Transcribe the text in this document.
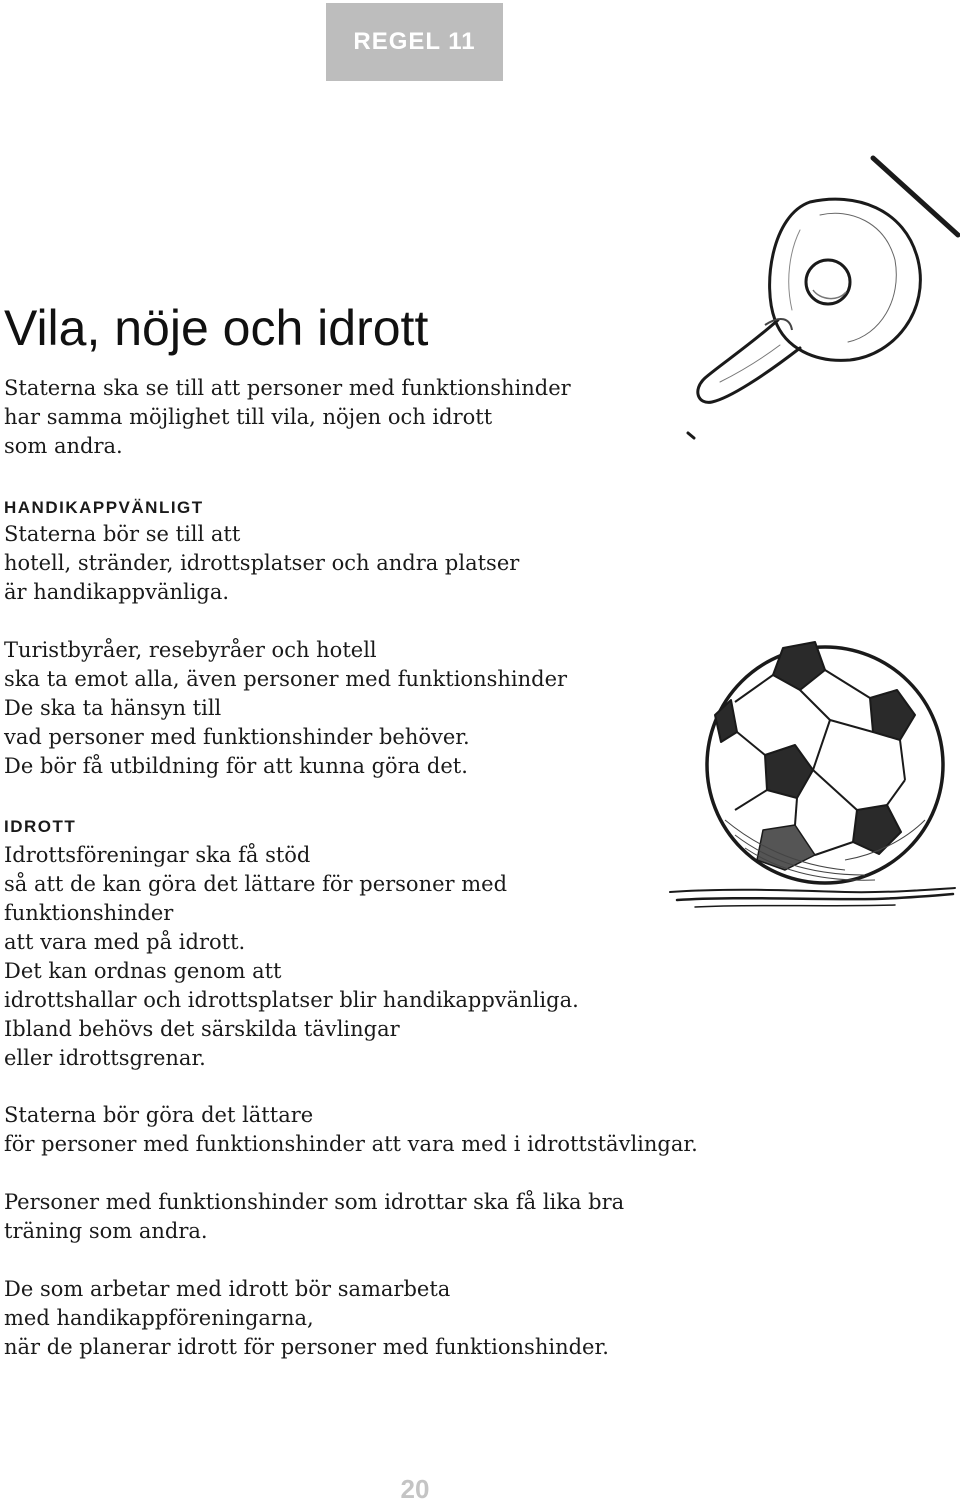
REGEL 11
Vila, nöje och idrott

Staterna ska se till att personer med funktionshinder
har samma möjlighet till vila, nöjen och idrott
som andra.

HANDIKAPPVÄNLIGT

Staterna bör se till att
hotell, stränder, idrottsplatser och andra platser
är handikappvänliga.

Turistbyråer, resebyråer och hotell
ska ta emot alla, även personer med funktionshinder
De ska ta hänsyn till
vad personer med funktionshinder behöver.
De bör få utbildning för att kunna göra det.

IDROTT

Idrottsföreningar ska få stöd
så att de kan göra det lättare för personer med
funktionshinder
att vara med på idrott.
Det kan ordnas genom att
idrottshallar och idrottsplatser blir handikappvänliga.
Ibland behövs det särskilda tävlingar
eller idrottsgrenar.

Staterna bör göra det lättare
för personer med funktionshinder att vara med i idrottstävlingar.

Personer med funktionshinder som idrottar ska få lika bra
träning som andra.

De som arbetar med idrott bör samarbeta
med handikappföreningarna,
när de planerar idrott för personer med funktionshinder.

20
